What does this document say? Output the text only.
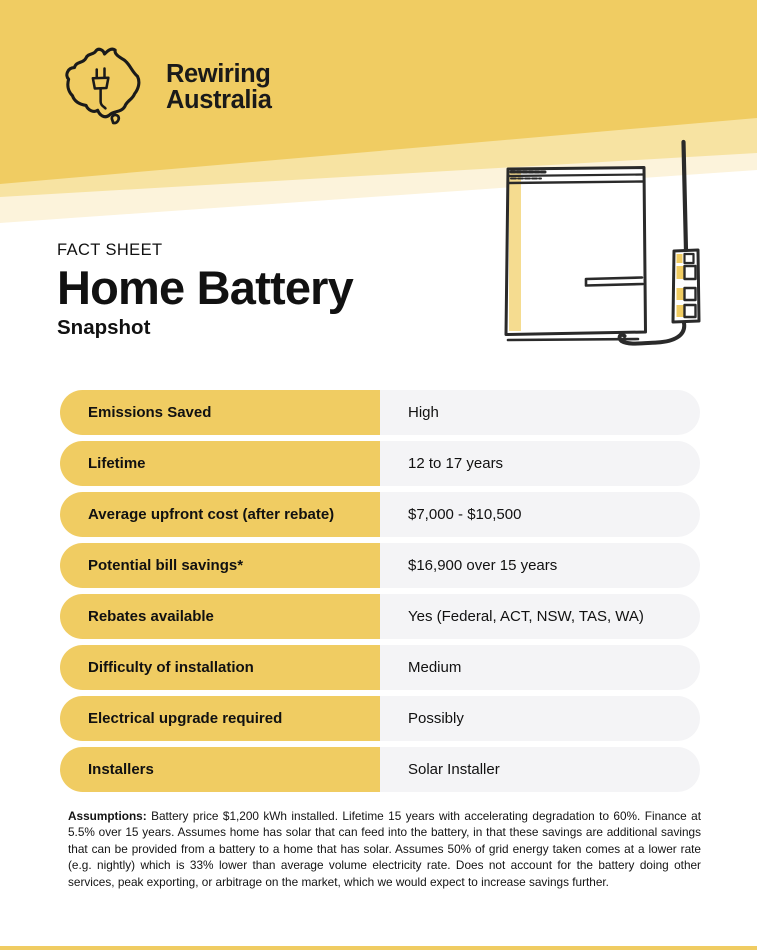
Rewiring
Australia
FACT SHEET
Home Battery
Snapshot
Emissions Saved	High
Lifetime	12 to 17 years
Average upfront cost (after rebate)	$7,000 - $10,500
Potential bill savings*	$16,900 over 15 years
Rebates available	Yes (Federal, ACT, NSW, TAS, WA)
Difficulty of installation	Medium
Electrical upgrade required	Possibly
Installers	Solar Installer
Assumptions: Battery price $1,200 kWh installed. Lifetime 15 years with accelerating degradation to 60%. Finance at 5.5% over 15 years. Assumes home has solar that can feed into the battery, in that these savings are additional savings that can be provided from a battery to a home that has solar. Assumes 50% of grid energy taken comes at a lower rate (e.g. nightly) which is 33% lower than average volume electricity rate. Does not account for the battery doing other services, peak exporting, or arbitrage on the market, which we would expect to increase savings further.
